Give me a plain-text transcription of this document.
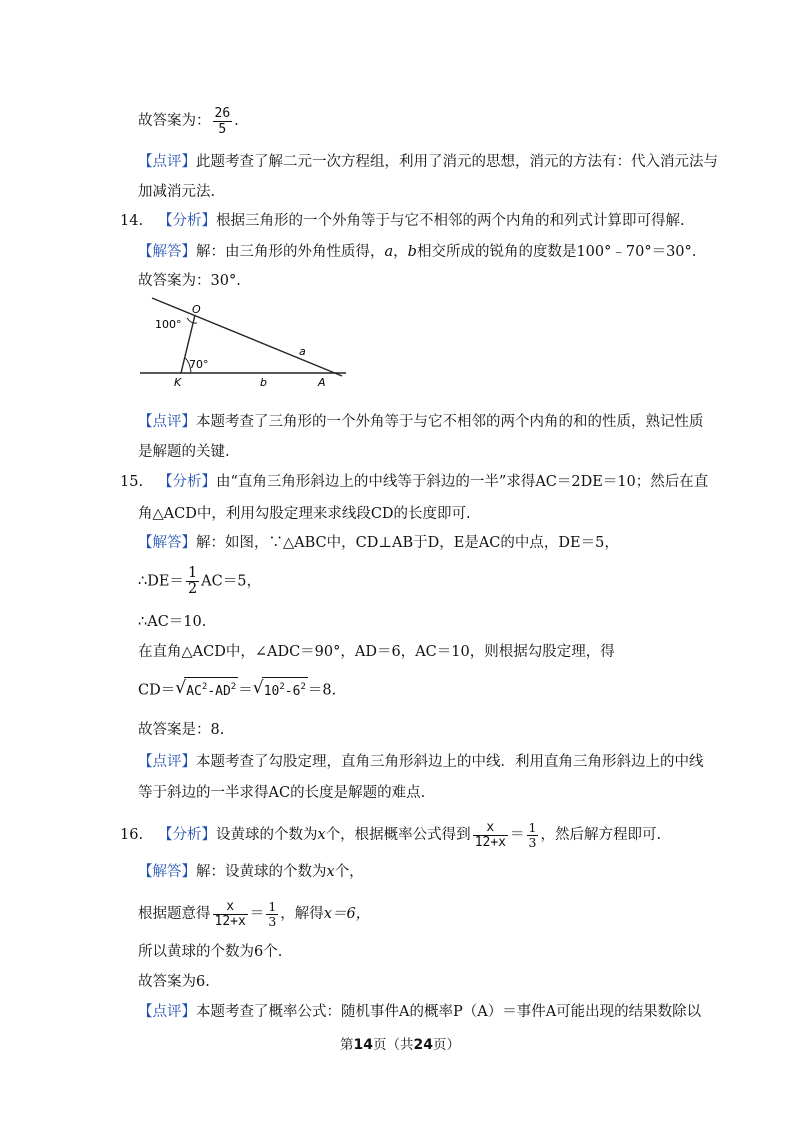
故答案为： $\frac{26}{5}$ .
【点评】此题考查了解二元一次方程组，利用了消元的思想，消元的方法有：代入消元法与
加减消元法.
14. 【分析】根据三角形的一个外角等于与它不相邻的两个内角的和列式计算即可得解.
【解答】解：由三角形的外角性质得，a，b相交所成的锐角的度数是100°﹣70°＝30°.
故答案为：30°.
O
100°
70°
a
K	b	A
【点评】本题考查了三角形的一个外角等于与它不相邻的两个内角的和的性质，熟记性质
是解题的关键.
15. 【分析】由“直角三角形斜边上的中线等于斜边的一半”求得AC＝2DE＝10；然后在直
角△ACD中，利用勾股定理来求线段CD的长度即可.
【解答】解：如图，∵△ABC中，CD⊥AB于D，E是AC的中点，DE＝5，
∴DE＝ $\frac{1}{2} AC=5$，
∴AC＝10.
在直角△ACD中，∠ADC＝90°，AD＝6，AC＝10，则根据勾股定理，得
CD＝ √ $AC^2-AD^2$ ＝ √ $10^2-6^2 =8$.
故答案是：8.
【点评】本题考查了勾股定理，直角三角形斜边上的中线．利用直角三角形斜边上的中线
等于斜边的一半求得AC的长度是解题的难点.
16. 【分析】设黄球的个数为x个，根据概率公式得到 $\frac{x}{12+x} = \frac{1}{3}$ ，然后解方程即可.
【解答】解：设黄球的个数为x个，
根据题意得 $\frac{x}{12+x} = \frac{1}{3}$ ，解得x＝6，
所以黄球的个数为6个.
故答案为6.
【点评】本题考查了概率公式：随机事件A的概率P（A）＝事件A可能出现的结果数除以
第14页（共24页）
